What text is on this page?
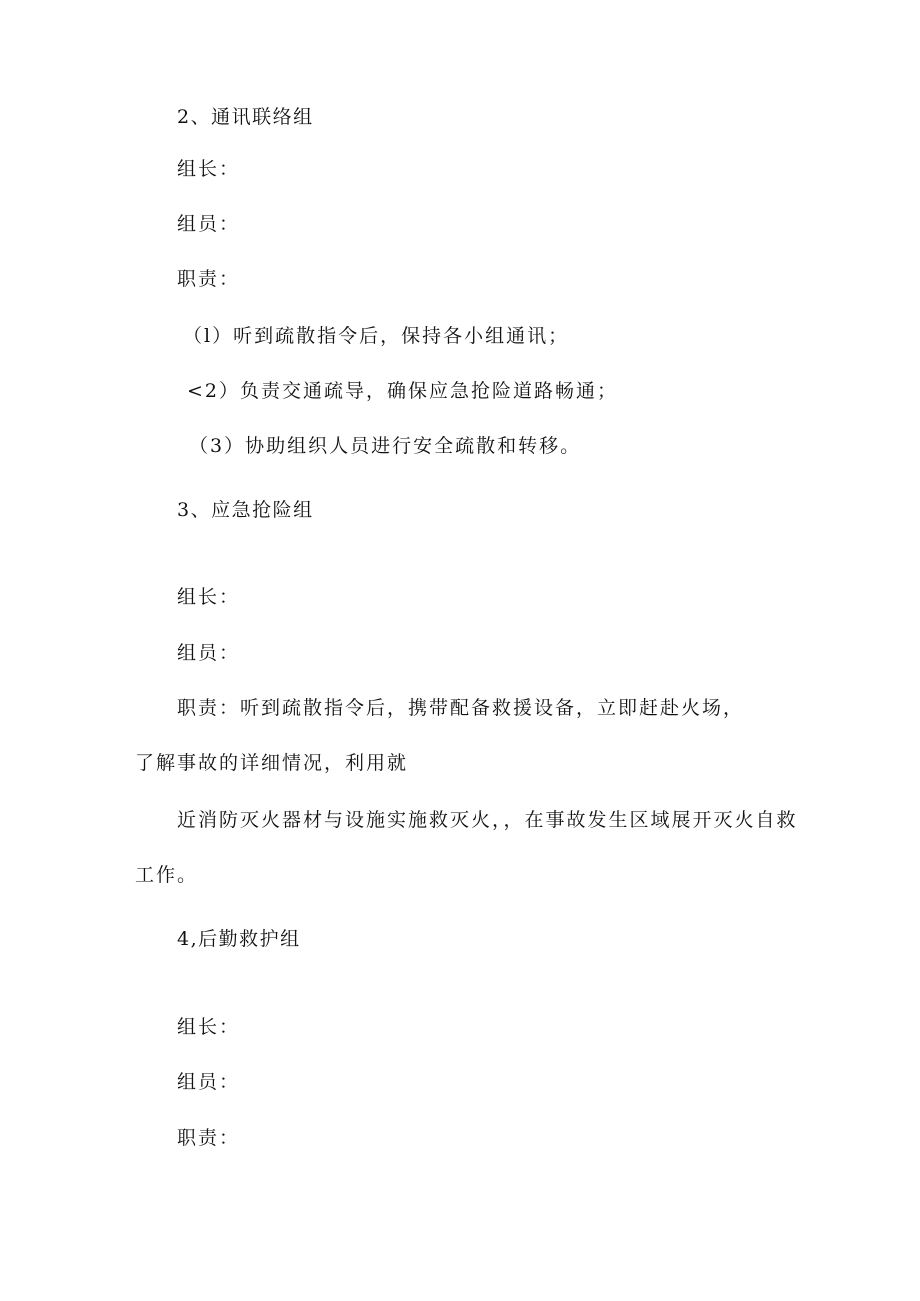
2、通讯联络组
组长：
组员：
职责：
（l）听到疏散指令后，保持各小组通讯；
<2）负责交通疏导，确保应急抢险道路畅通；
（3）协助组织人员进行安全疏散和转移。
3、应急抢险组
组长：
组员：
职责：听到疏散指令后，携带配备救援设备，立即赶赴火场，
了解事故的详细情况，利用就
近消防灭火器材与设施实施救灭火，，在事故发生区域展开灭火自救
工作。
4,后勤救护组
组长：
组员：
职责：
